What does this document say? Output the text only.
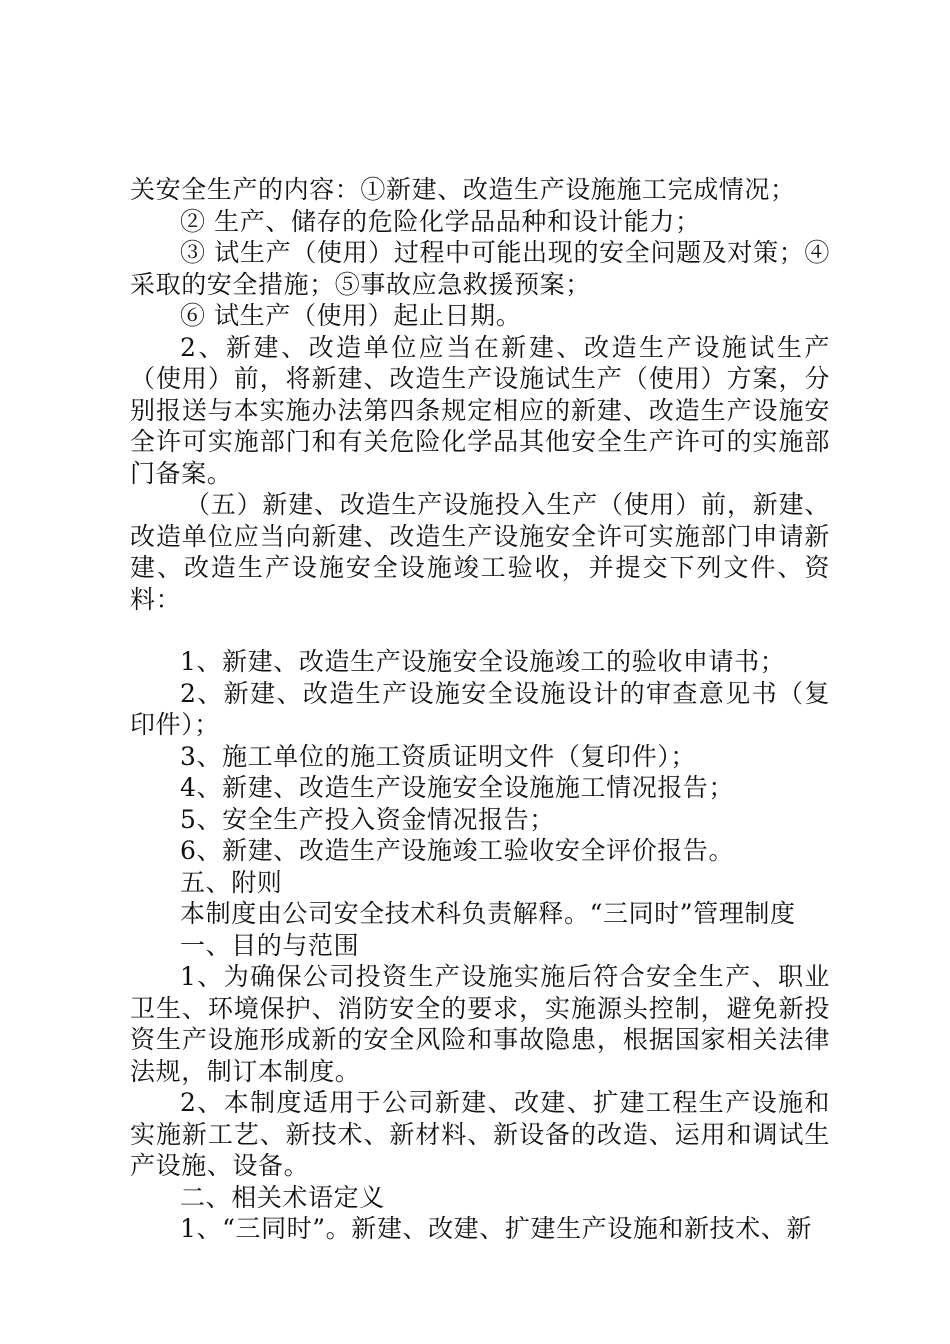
关安全生产的内容：①新建、改造生产设施施工完成情况；

② 生产、储存的危险化学品品种和设计能力；

③ 试生产（使用）过程中可能出现的安全问题及对策；④采取的安全措施；⑤事故应急救援预案；

⑥ 试生产（使用）起止日期。

2、新建、改造单位应当在新建、改造生产设施试生产（使用）前，将新建、改造生产设施试生产（使用）方案，分别报送与本实施办法第四条规定相应的新建、改造生产设施安全许可实施部门和有关危险化学品其他安全生产许可的实施部门备案。

（五）新建、改造生产设施投入生产（使用）前，新建、改造单位应当向新建、改造生产设施安全许可实施部门申请新建、改造生产设施安全设施竣工验收，并提交下列文件、资料：

1、新建、改造生产设施安全设施竣工的验收申请书；

2、新建、改造生产设施安全设施设计的审查意见书（复印件）；

3、施工单位的施工资质证明文件（复印件）；

4、新建、改造生产设施安全设施施工情况报告；

5、安全生产投入资金情况报告；

6、新建、改造生产设施竣工验收安全评价报告。

五、附则

本制度由公司安全技术科负责解释。“三同时”管理制度

一、目的与范围

1、为确保公司投资生产设施实施后符合安全生产、职业卫生、环境保护、消防安全的要求，实施源头控制，避免新投资生产设施形成新的安全风险和事故隐患，根据国家相关法律法规，制订本制度。

2、本制度适用于公司新建、改建、扩建工程生产设施和实施新工艺、新技术、新材料、新设备的改造、运用和调试生产设施、设备。

二、相关术语定义

1、“三同时”。新建、改建、扩建生产设施和新技术、新
